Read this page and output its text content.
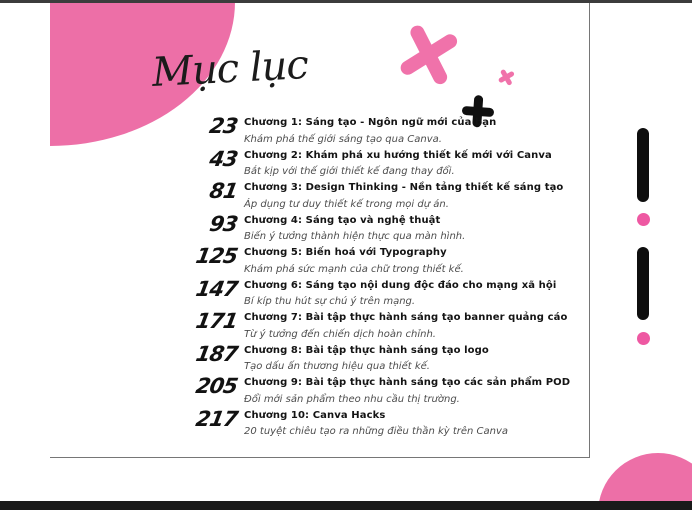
Mục lục
23 Chương 1: Sáng tạo - Ngôn ngữ mới của bạn
Khám phá thế giới sáng tạo qua Canva.
43 Chương 2: Khám phá xu hướng thiết kế mới với Canva
Bắt kịp với thế giới thiết kế đang thay đổi.
81 Chương 3: Design Thinking - Nền tảng thiết kế sáng tạo
Áp dụng tư duy thiết kế trong mọi dự án.
93 Chương 4: Sáng tạo và nghệ thuật
Biến ý tưởng thành hiện thực qua màn hình.
125 Chương 5: Biến hoá với Typography
Khám phá sức mạnh của chữ trong thiết kế.
147 Chương 6: Sáng tạo nội dung độc đáo cho mạng xã hội
Bí kíp thu hút sự chú ý trên mạng.
171 Chương 7: Bài tập thực hành sáng tạo banner quảng cáo
Từ ý tưởng đến chiến dịch hoàn chỉnh.
187 Chương 8: Bài tập thực hành sáng tạo logo
Tạo dấu ấn thương hiệu qua thiết kế.
205 Chương 9: Bài tập thực hành sáng tạo các sản phẩm POD
Đổi mới sản phẩm theo nhu cầu thị trường.
217 Chương 10: Canva Hacks
20 tuyệt chiêu tạo ra những điều thần kỳ trên Canva
